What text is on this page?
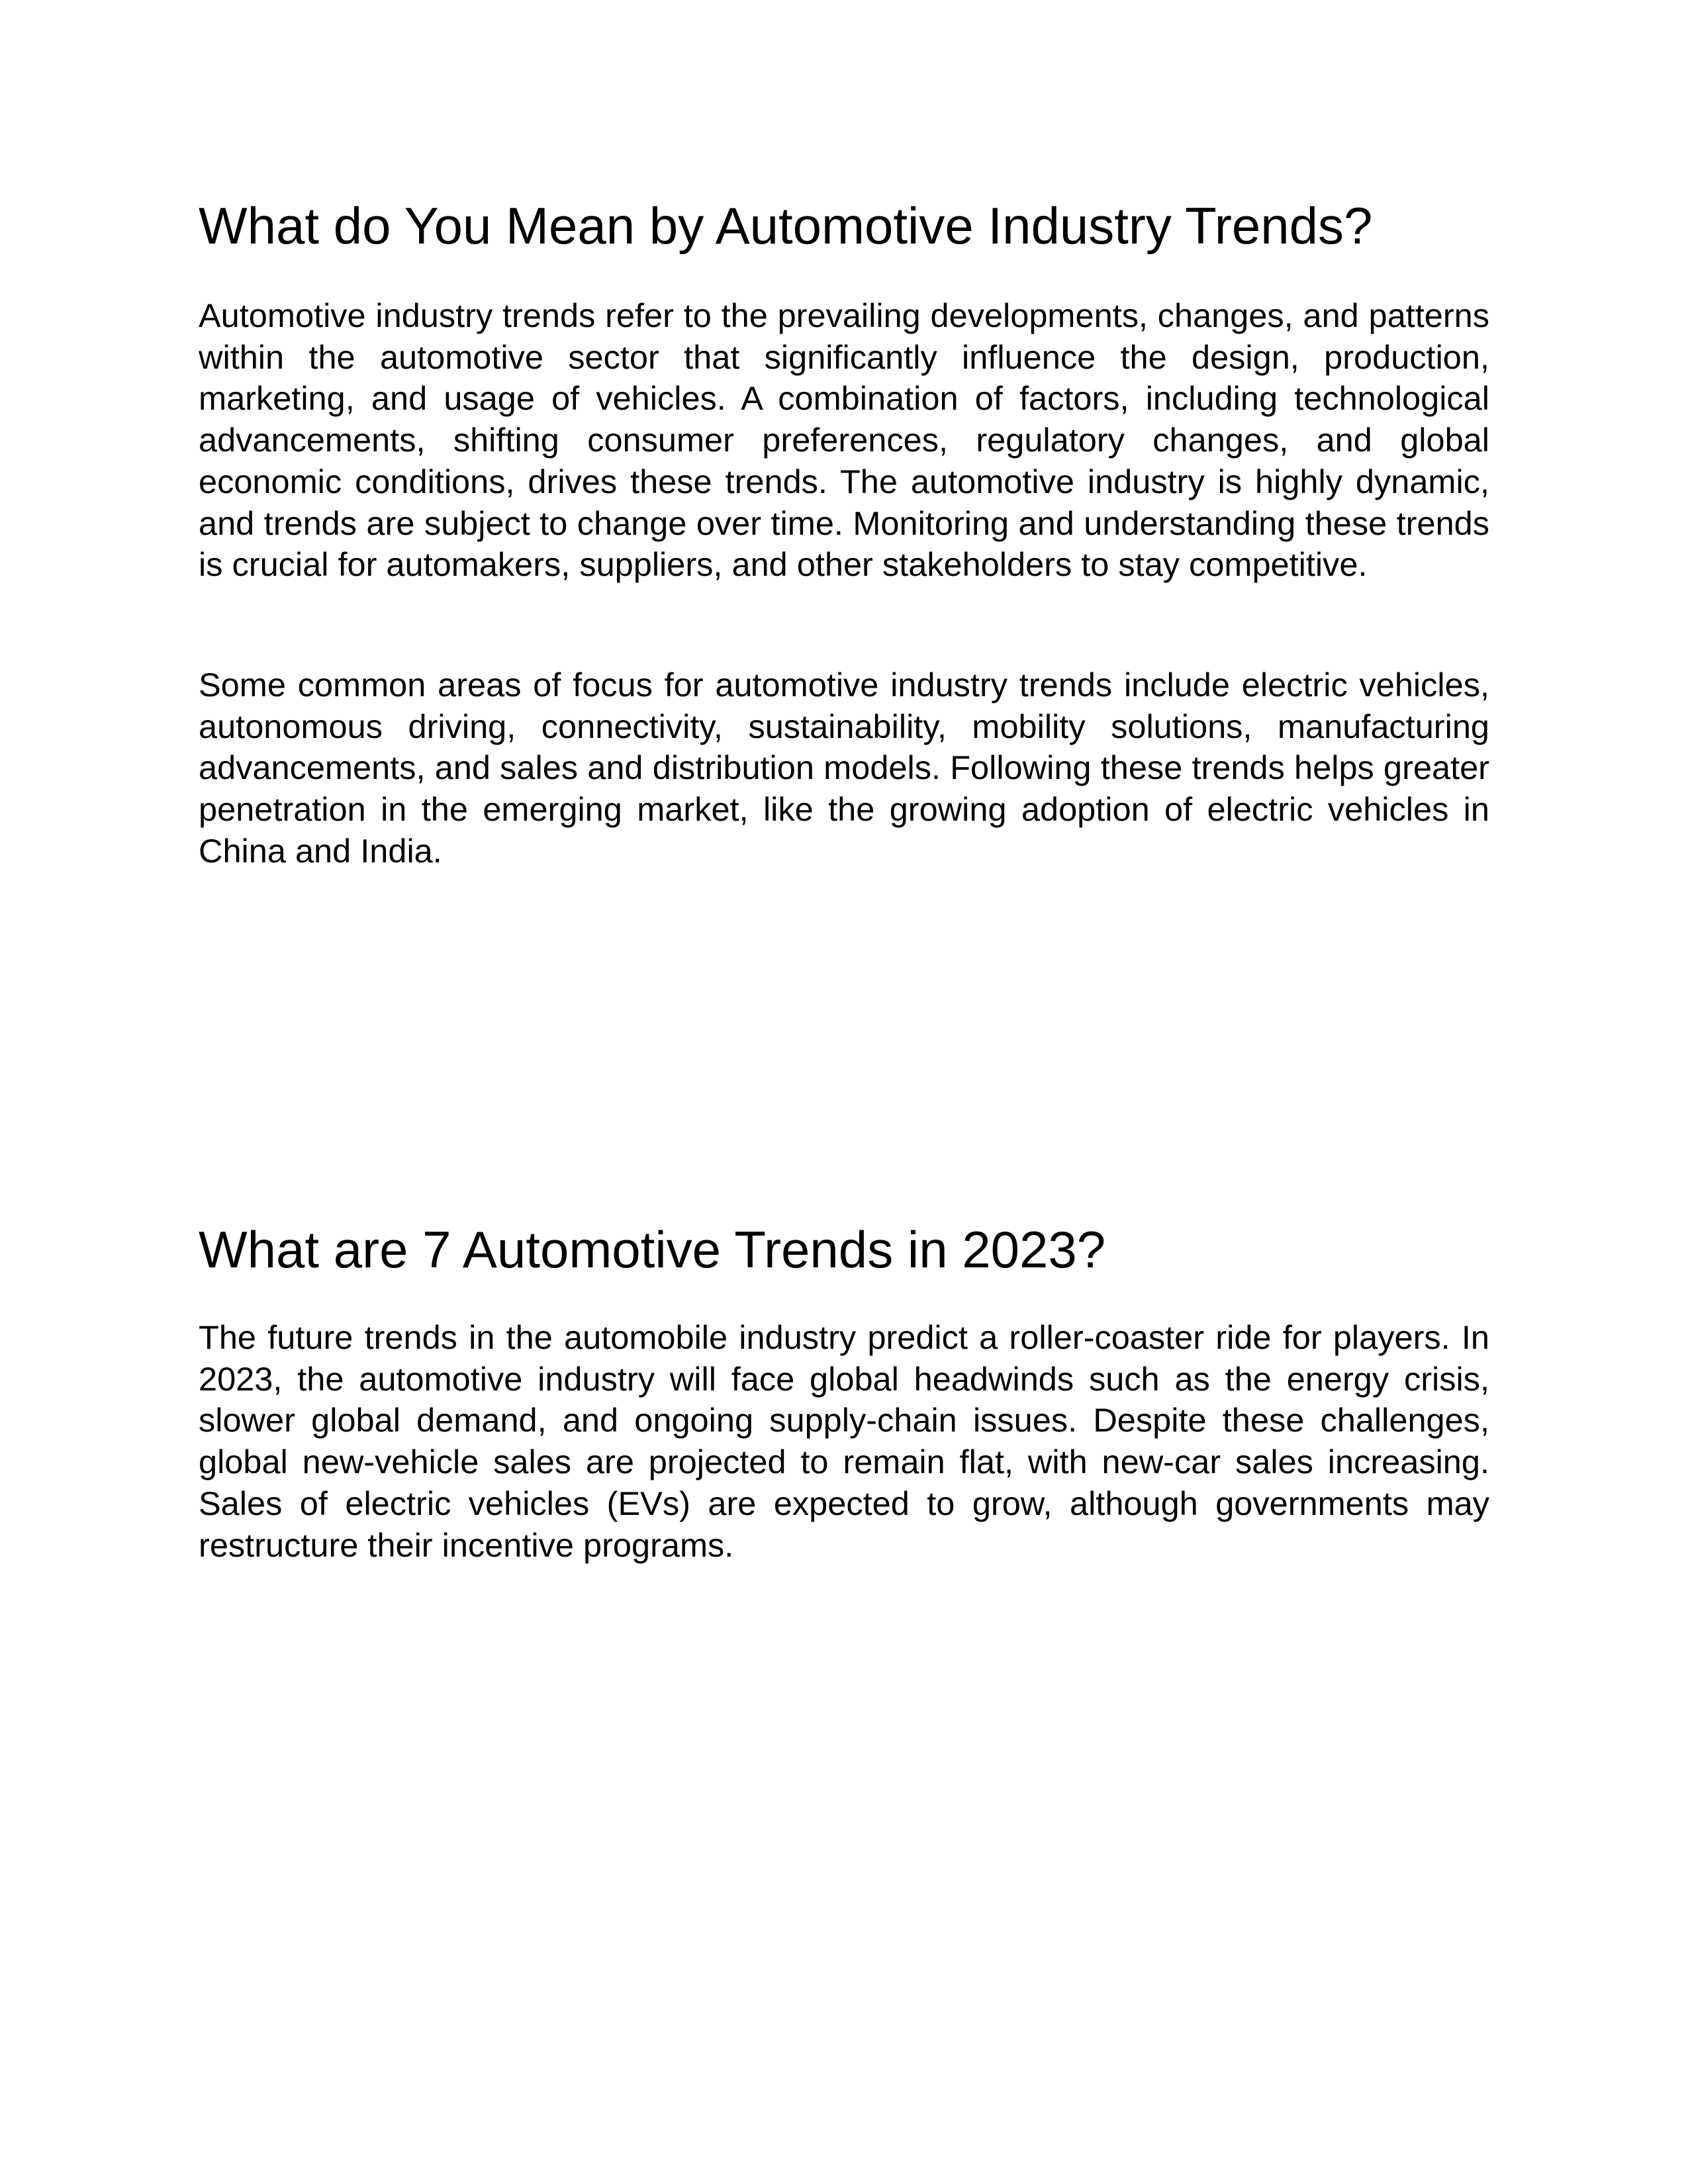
What do You Mean by Automotive Industry Trends?

Automotive industry trends refer to the prevailing developments, changes, and patterns within the automotive sector that significantly influence the design, production, marketing, and usage of vehicles. A combination of factors, including technological advancements, shifting consumer preferences, regulatory changes, and global economic conditions, drives these trends. The automotive industry is highly dynamic, and trends are subject to change over time. Monitoring and understanding these trends is crucial for automakers, suppliers, and other stakeholders to stay competitive.

Some common areas of focus for automotive industry trends include electric vehicles, autonomous driving, connectivity, sustainability, mobility solutions, manufacturing advancements, and sales and distribution models. Following these trends helps greater penetration in the emerging market, like the growing adoption of electric vehicles in China and India.

What are 7 Automotive Trends in 2023?

The future trends in the automobile industry predict a roller-coaster ride for players. In 2023, the automotive industry will face global headwinds such as the energy crisis, slower global demand, and ongoing supply-chain issues. Despite these challenges, global new-vehicle sales are projected to remain flat, with new-car sales increasing. Sales of electric vehicles (EVs) are expected to grow, although governments may restructure their incentive programs.
